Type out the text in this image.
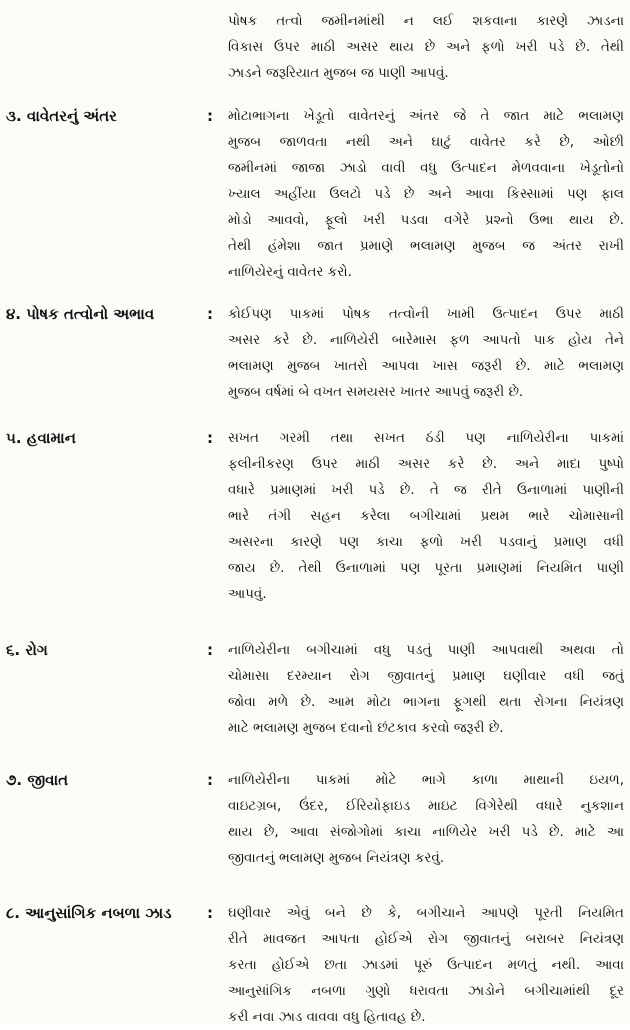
પોષક તત્વો જમીનમાંથી ન લઈ શકવાના કારણે ઝાડના
વિકાસ ઉપર માઠી અસર થાય છે અને ફળો ખરી પડે છે. તેથી
ઝાડને જરૂરિયાત મુજબ જ પાણી આપવું.
૩. વાવેતરનું અંતર	: મોટાભાગના ખેડૂતો વાવેતરનું અંતર જે તે જાત માટે ભલામણ
મુજબ જાળવતા નથી અને ઘાટું વાવેતર કરે છે, ઓછી
જમીનમાં જાજા ઝાડો વાવી વધુ ઉત્પાદન મેળવવાના ખેડૂતોનો
ખ્યાલ અહીંયા ઉલટો પડે છે અને આવા કિસ્સામાં પણ ફાલ
મોડો આવવો, ફૂલો ખરી પડવા વગેરે પ્રશ્નો ઉભા થાય છે.
તેથી હંમેશા જાત પ્રમાણે ભલામણ મુજબ જ અંતર રાખી
નાળિયેરનું વાવેતર કરો.
૪. પોષક તત્વોનો અભાવ	: કોઈપણ પાકમાં પોષક તત્વોની ખામી ઉત્પાદન ઉપર માઠી
અસર કરે છે. નાળિયેરી બારેમાસ ફળ આપતો પાક હોય તેને
ભલામણ મુજબ ખાતરો આપવા ખાસ જરૂરી છે. માટે ભલામણ
મુજબ વર્ષમાં બે વખત સમયસર ખાતર આપવું જરૂરી છે.
૫. હવામાન	: સખત ગરમી તથા સખત ઠંડી પણ નાળિયેરીના પાકમાં
ફલીનીકરણ ઉપર માઠી અસર કરે છે. અને માદા પુષ્પો
વધારે પ્રમાણમાં ખરી પડે છે. તે જ રીતે ઉનાળામાં પાણીની
ભારે તંગી સહન કરેલા બગીચામાં પ્રથમ ભારે ચોમાસાની
અસરના કારણે પણ કાચા ફળો ખરી પડવાનું પ્રમાણ વધી
જાય છે. તેથી ઉનાળામાં પણ પૂરતા પ્રમાણમાં નિયમિત પાણી
આપવું.
૬. રોગ	: નાળિયેરીના બગીચામાં વધુ પડતું પાણી આપવાથી અથવા તો
ચોમાસા દરમ્યાન રોગ જીવાતનું પ્રમાણ ઘણીવાર વધી જતું
જોવા મળે છે. આમ મોટા ભાગના ફૂગથી થતા રોગના નિયંત્રણ
માટે ભલામણ મુજબ દવાનો છંટકાવ કરવો જરૂરી છે.
૭. જીવાત	: નાળિયેરીના પાકમાં મોટે ભાગે કાળા માથાની ઇયળ,
વાઇટગ્રબ, ઉંદર, ઈરિયોફાઇડ માઇટ વિગેરેથી વધારે નુકશાન
થાય છે, આવા સંજોગોમાં કાચા નાળિયેર ખરી પડે છે. માટે આ
જીવાતનું ભલામણ મુજબ નિયંત્રણ કરવું.
૮. આનુસાંગિક નબળા ઝાડ	: ઘણીવાર એવું બને છે કે, બગીચાને આપણે પૂરતી નિયમિત
રીતે માવજત આપતા હોઈએ રોગ જીવાતનું બરાબર નિયંત્રણ
કરતા હોઈએ છતા ઝાડમાં પૂરું ઉત્પાદન મળતું નથી. આવા
આનુસાંગિક નબળા ગુણો ધરાવતા ઝાડોને બગીચામાંથી દૂર
કરી નવા ઝાડ વાવવા વધુ હિતાવહ છે.
